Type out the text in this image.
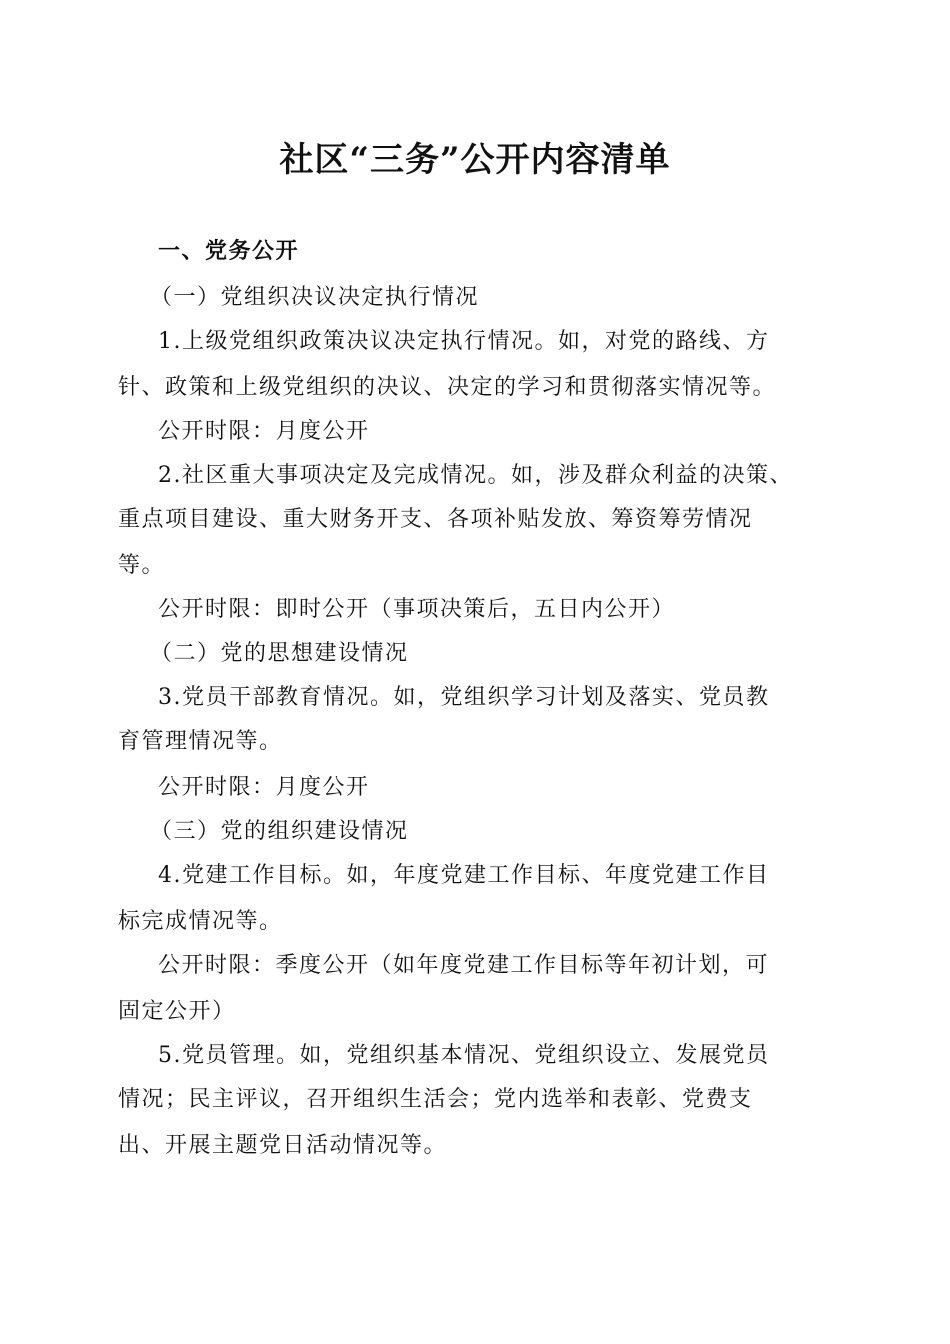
社区“三务”公开内容清单
一、党务公开
（一）党组织决议决定执行情况
1.上级党组织政策决议决定执行情况。如，对党的路线、方
针、政策和上级党组织的决议、决定的学习和贯彻落实情况等。
公开时限：月度公开
2.社区重大事项决定及完成情况。如，涉及群众利益的决策、
重点项目建设、重大财务开支、各项补贴发放、筹资筹劳情况
等。
公开时限：即时公开（事项决策后，五日内公开）
（二）党的思想建设情况
3.党员干部教育情况。如，党组织学习计划及落实、党员教
育管理情况等。
公开时限：月度公开
（三）党的组织建设情况
4.党建工作目标。如，年度党建工作目标、年度党建工作目
标完成情况等。
公开时限：季度公开（如年度党建工作目标等年初计划，可
固定公开）
5.党员管理。如，党组织基本情况、党组织设立、发展党员
情况；民主评议，召开组织生活会；党内选举和表彰、党费支
出、开展主题党日活动情况等。
